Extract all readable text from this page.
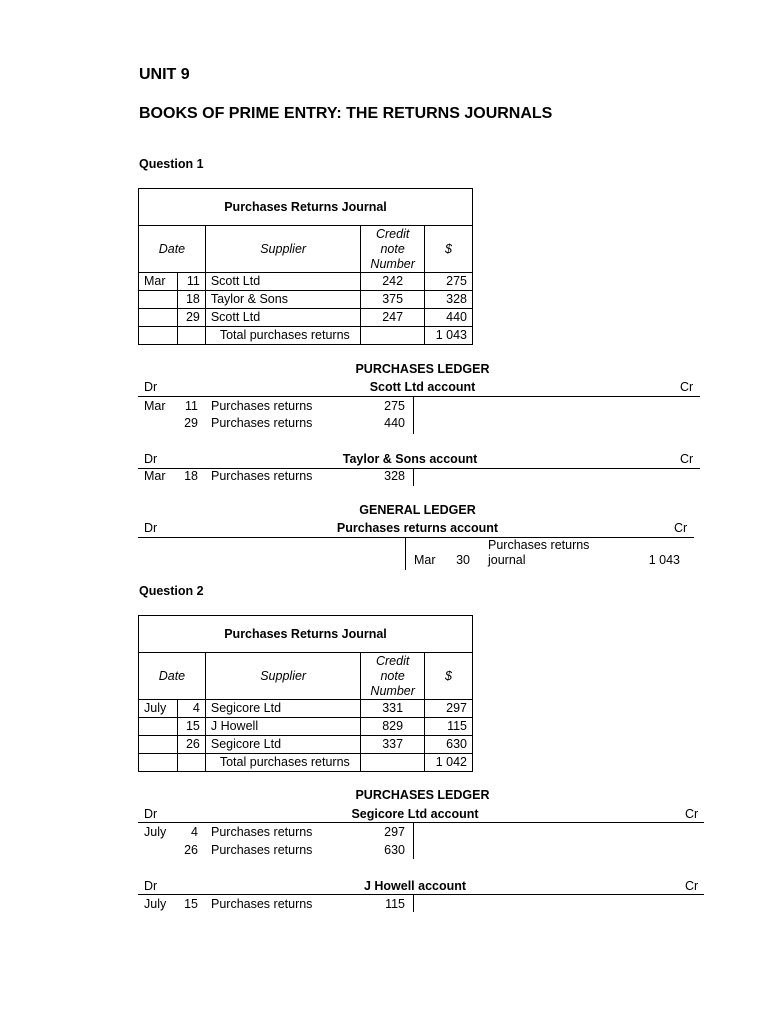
UNIT 9
BOOKS OF PRIME ENTRY: THE RETURNS JOURNALS
Question 1
Purchases Returns Journal				
Date		Supplier	Credit
note
Number	$
Mar	11	Scott Ltd	242	275
	18	Taylor & Sons	375	328
	29	Scott Ltd	247	440
		Total purchases returns		1 043
PURCHASES LEDGER
Dr	Scott Ltd account	Cr
Mar	11 Purchases returns	275
29 Purchases returns	440
Dr	Taylor & Sons account	Cr
Mar	18 Purchases returns	328
GENERAL LEDGER
Dr	Purchases returns account	Cr
Purchases returns
Mar	30 journal	1 043
Question 2
Purchases Returns Journal				
Date		Supplier	Credit
note
Number	$
July	4	Segicore Ltd	331	297
	15	J Howell	829	115
	26	Segicore Ltd	337	630
		Total purchases returns		1 042
PURCHASES LEDGER
Dr	Segicore Ltd account	Cr
July	4 Purchases returns	297
26 Purchases returns	630
Dr	J Howell account	Cr
July	15 Purchases returns	115
